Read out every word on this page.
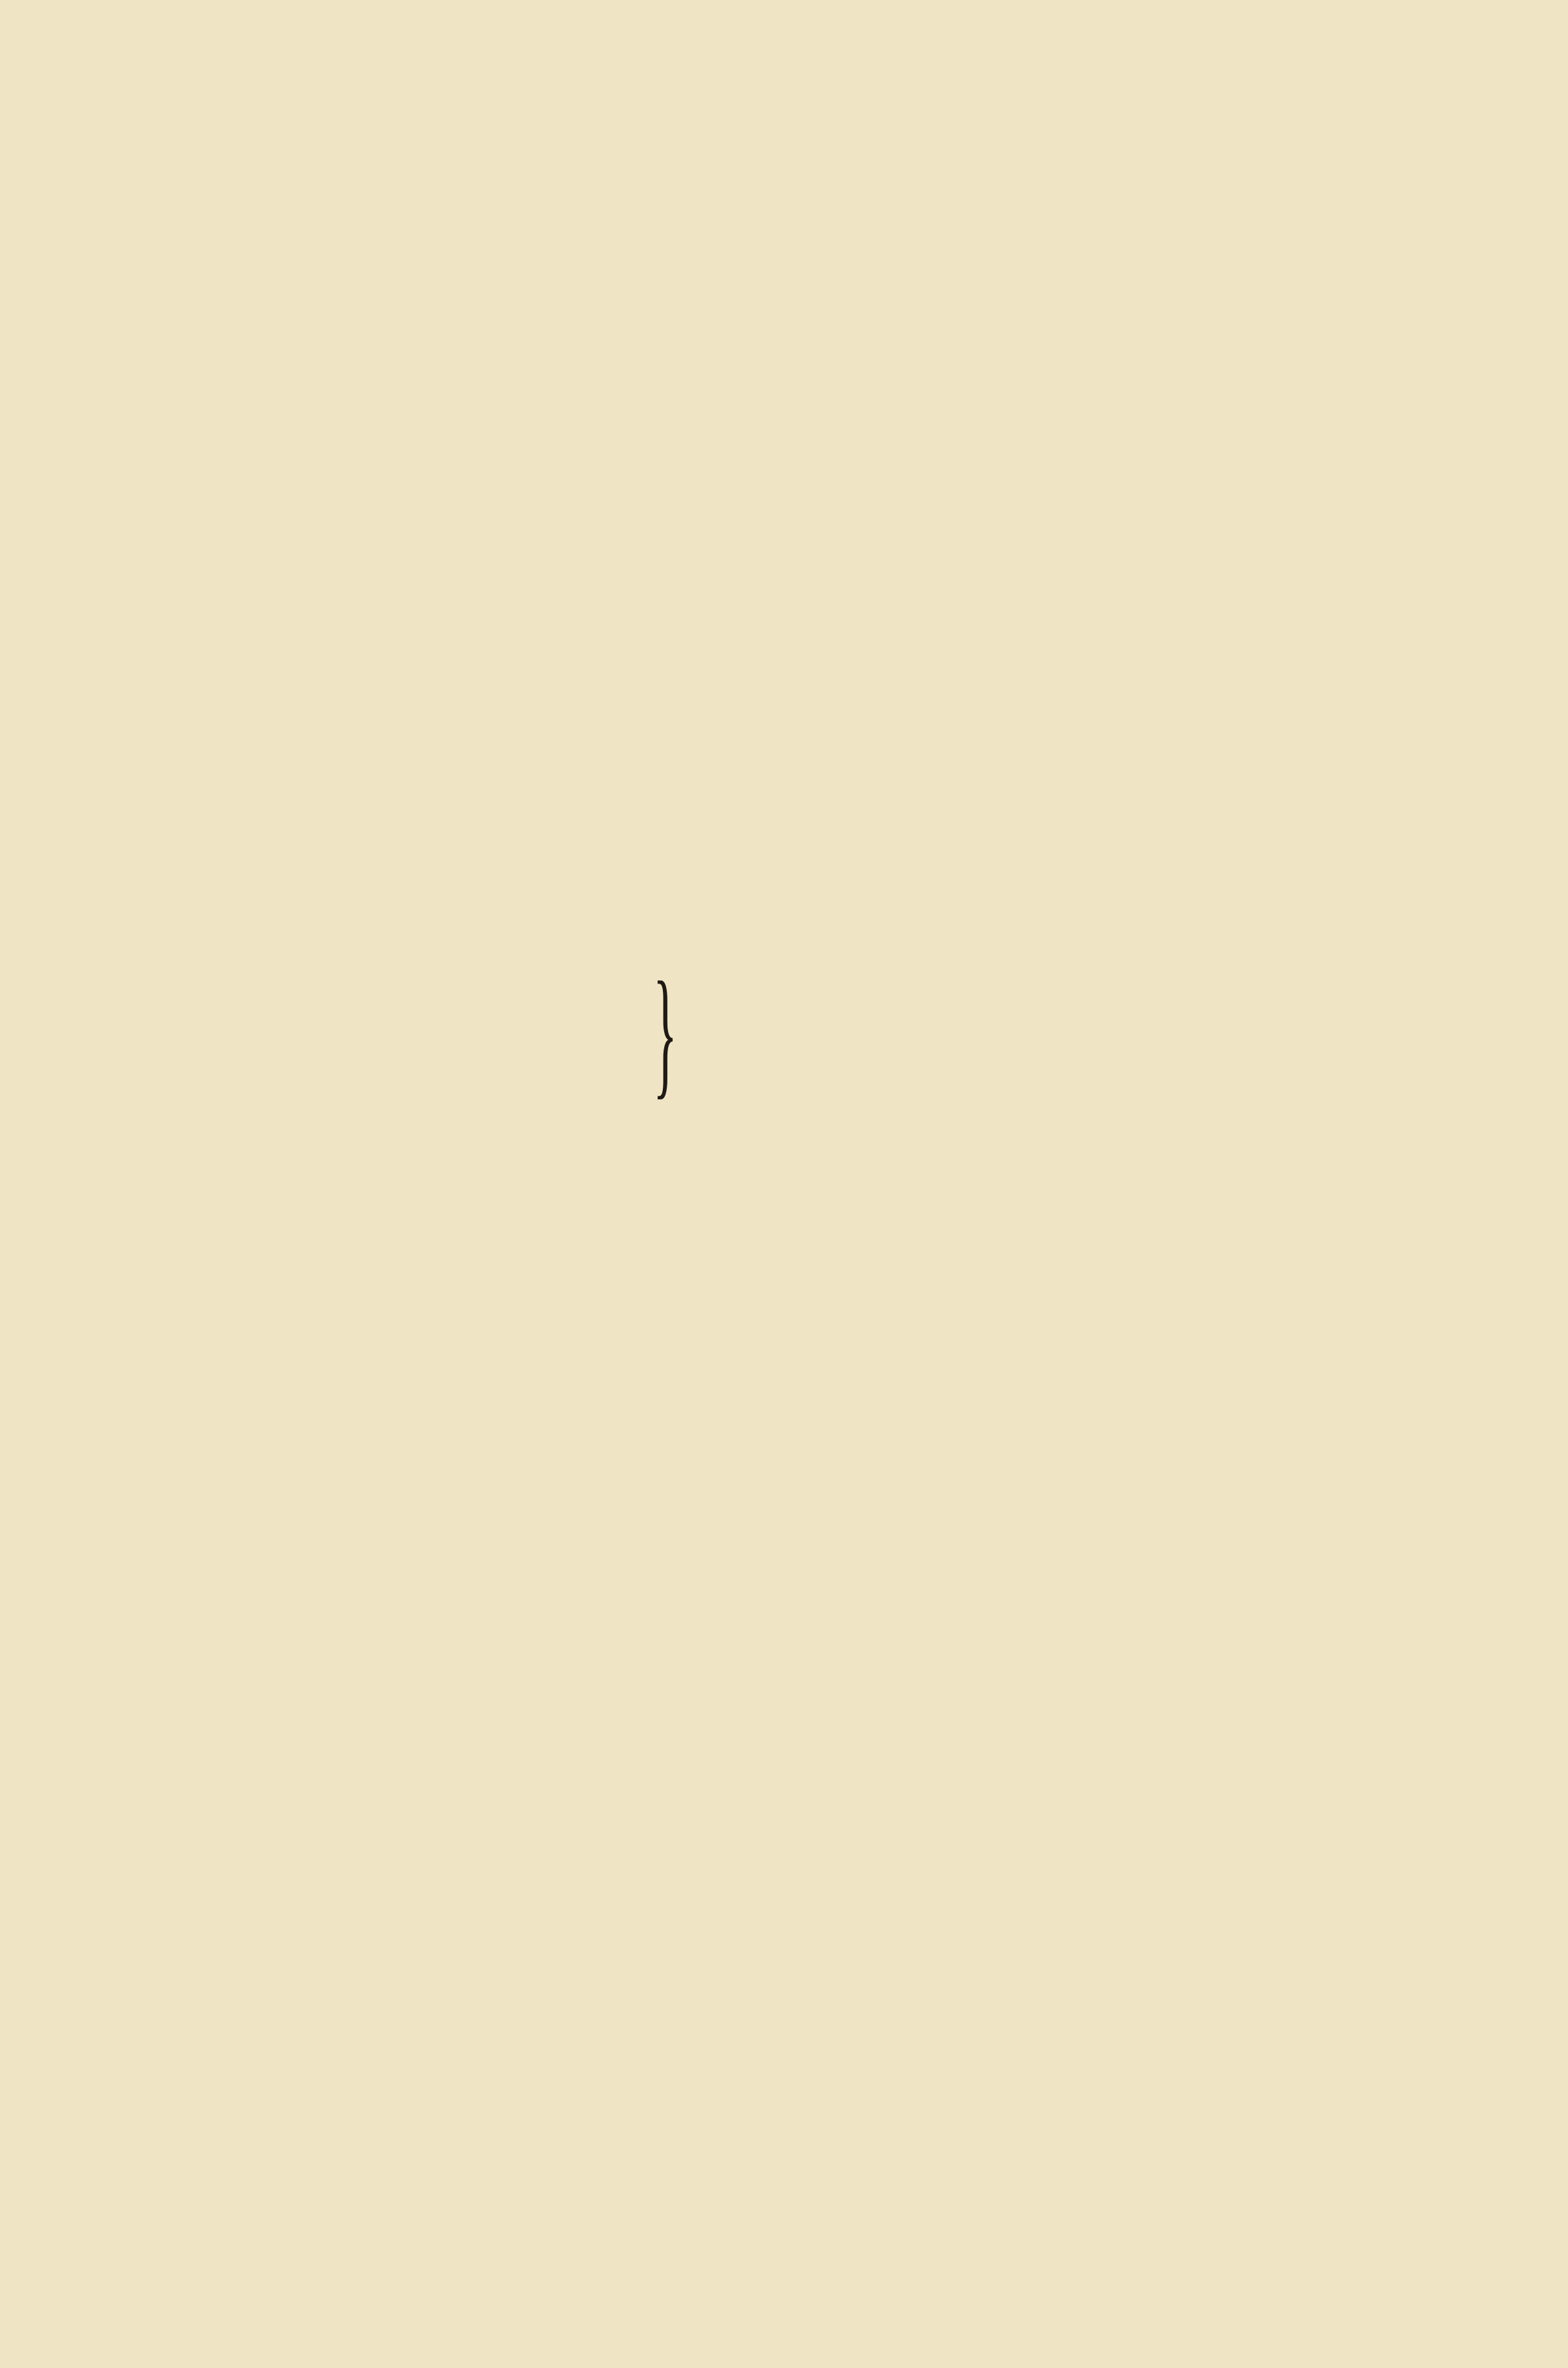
}
